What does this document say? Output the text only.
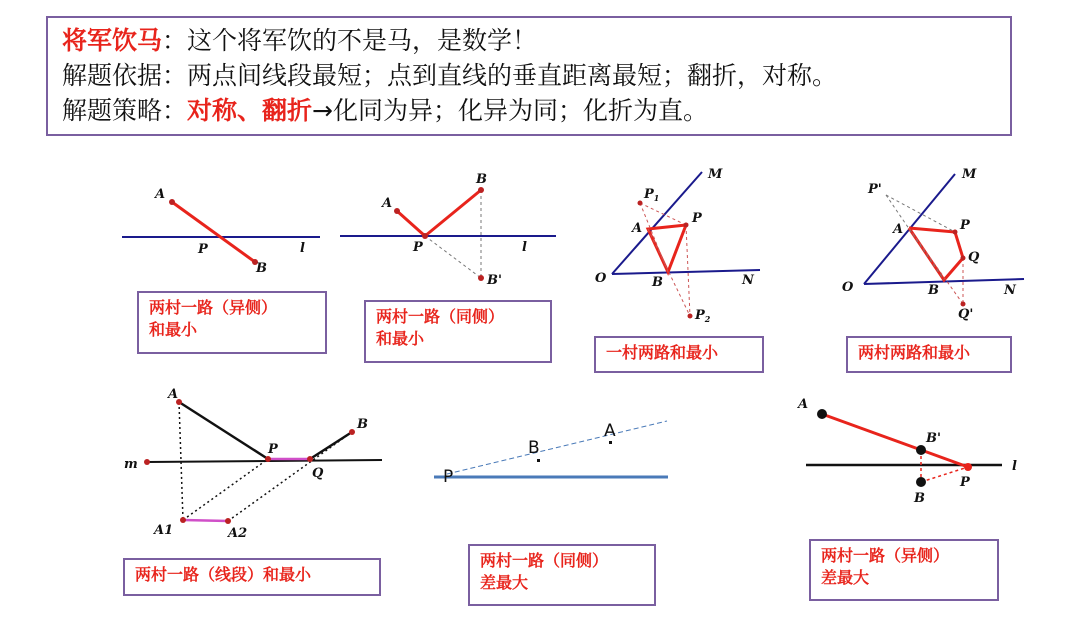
将军饮马：这个将军饮的不是马，是数学！
解题依据：两点间线段最短；点到直线的垂直距离最短；翻折，对称。
解题策略：对称、翻折→化同为异；化异为同；化折为直。
A
P
B
l
A
B
P
B'
l
$P_1$
P
A
B
O
M
N
$P_2$
P'
P
Q
A
B
O
M
N
Q'
A
P
Q
B
m
A1	A2
B
A
P
A
B'
B
P
l
两村一路（异侧）
和最小
两村一路（同侧）
和最小
一村两路和最小	两村两路和最小
两村一路（线段）和最小
两村一路（同侧）
差最大
两村一路（异侧）
差最大
